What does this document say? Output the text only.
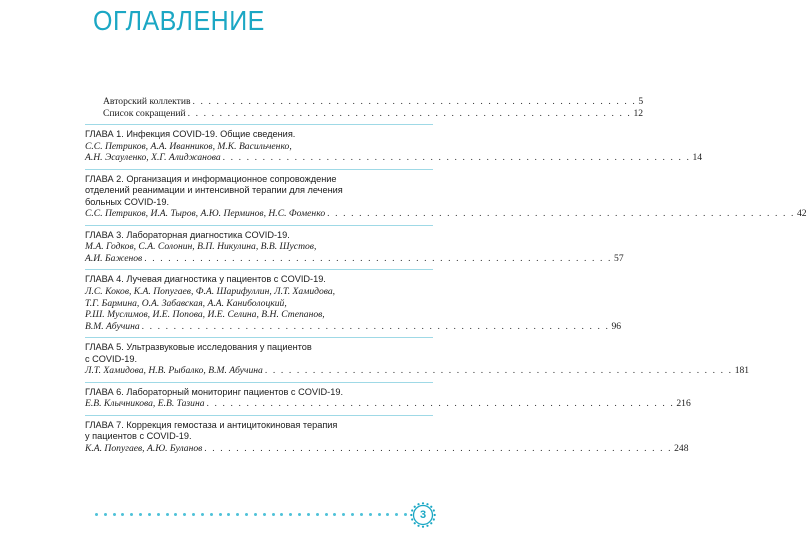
ОГЛАВЛЕНИЕ
Авторский коллектив . . . . . . . . . . . . . . . . . . . . . . . . . . . . . . . . . . . . . . . . . . . . . . . . . . . . . . . . 5
Список сокращений . . . . . . . . . . . . . . . . . . . . . . . . . . . . . . . . . . . . . . . . . . . . . . . . . . . . . . . . 12
ГЛАВА 1. Инфекция COVID-19. Общие сведения.
С.С. Петриков, А.А. Иванников, М.К. Васильченко,
А.Н. Эсауленко, Х.Г. Алиджанова . . . . . . . . . . . . . . . . . . . . . . . . . . . . . . . . . . . . . . . . . . . . . . . . . . . . . . . . . . . 14
ГЛАВА 2. Организация и информационное сопровождение
отделений реанимации и интенсивной терапии для лечения
больных COVID-19.
С.С. Петриков, И.А. Тыров, А.Ю. Перминов, Н.С. Фоменко . . . . . . . . . . . . . . . . . . . . . . . . . . . . . . . . . . . . . . . . . . . . . . . . . . . . . . . . . . . 42
ГЛАВА 3. Лабораторная диагностика COVID-19.
М.А. Годков, С.А. Солонин, В.П. Никулина, В.В. Шустов,
А.И. Баженов . . . . . . . . . . . . . . . . . . . . . . . . . . . . . . . . . . . . . . . . . . . . . . . . . . . . . . . . . . . 57
ГЛАВА 4. Лучевая диагностика у пациентов с COVID-19.
Л.С. Коков, К.А. Попугаев, Ф.А. Шарифуллин, Л.Т. Хамидова,
Т.Г. Бармина, О.А. Забавская, А.А. Каниболоцкий,
Р.Ш. Муслимов, И.Е. Попова, И.Е. Селина, В.Н. Степанов,
В.М. Абучина . . . . . . . . . . . . . . . . . . . . . . . . . . . . . . . . . . . . . . . . . . . . . . . . . . . . . . . . . . . 96
ГЛАВА 5. Ультразвуковые исследования у пациентов
с COVID-19.
Л.Т. Хамидова, Н.В. Рыбалко, В.М. Абучина . . . . . . . . . . . . . . . . . . . . . . . . . . . . . . . . . . . . . . . . . . . . . . . . . . . . . . . . . . . 181
ГЛАВА 6. Лабораторный мониторинг пациентов с COVID-19.
Е.В. Клычникова, Е.В. Тазина . . . . . . . . . . . . . . . . . . . . . . . . . . . . . . . . . . . . . . . . . . . . . . . . . . . . . . . . . . . 216
ГЛАВА 7. Коррекция гемостаза и антицитокиновая терапия
у пациентов с COVID-19.
К.А. Попугаев, А.Ю. Буланов . . . . . . . . . . . . . . . . . . . . . . . . . . . . . . . . . . . . . . . . . . . . . . . . . . . . . . . . . . . 248
3
